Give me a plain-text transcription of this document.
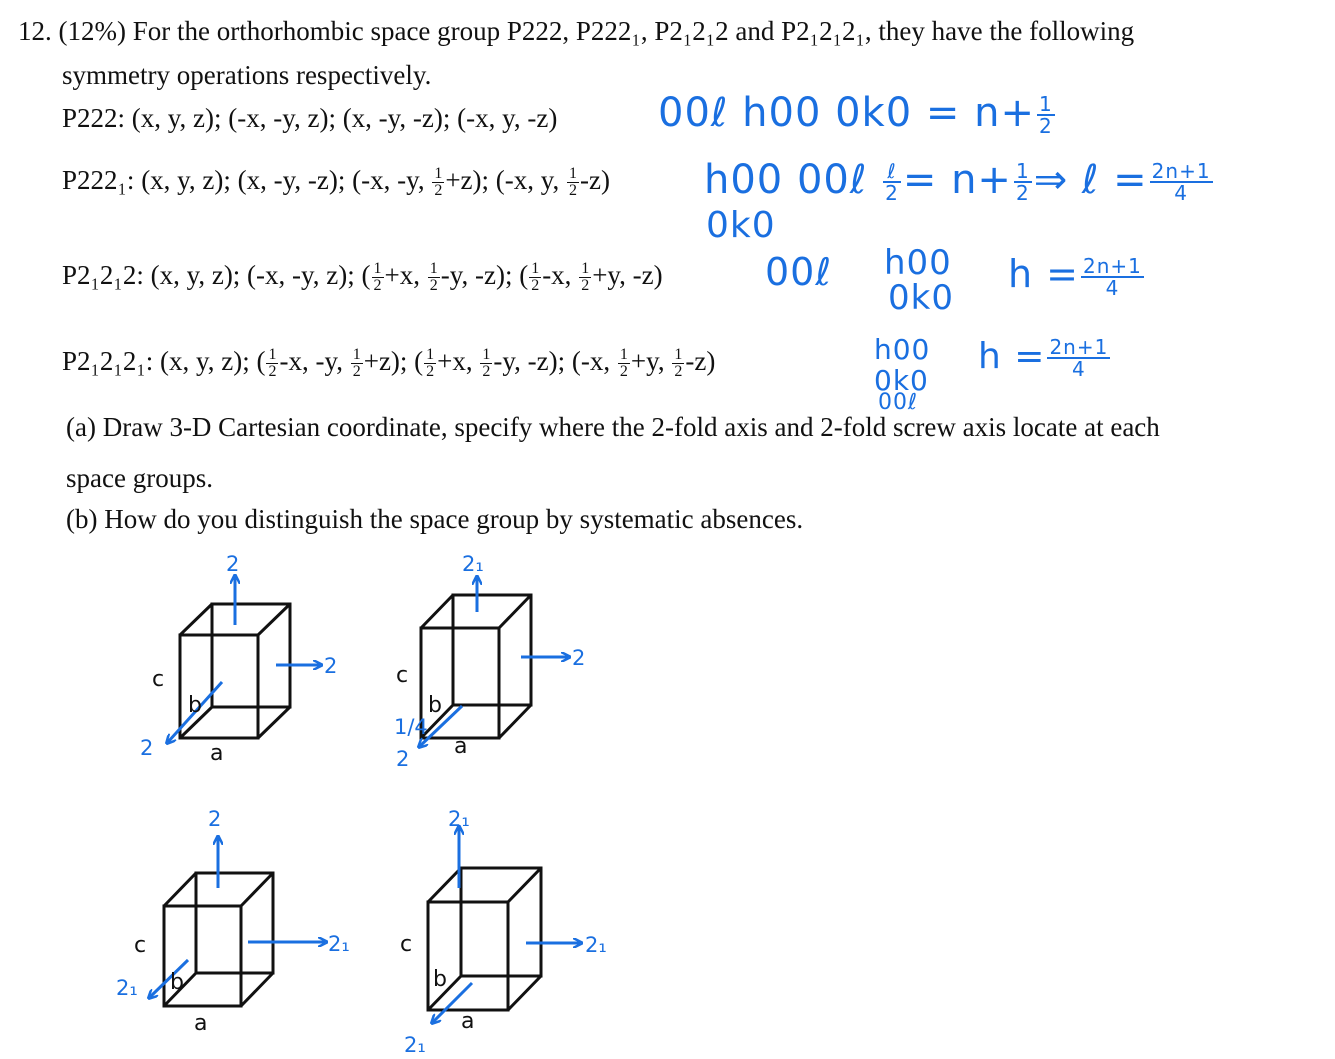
12. (12%) For the orthorhombic space group P222, P222₁, P2₁2₁2 and P2₁2₁2₁, they have the following
symmetry operations respectively.
P222: (x, y, z); (-x, -y, z); (x, -y, -z); (-x, y, -z)
P222₁: (x, y, z); (x, -y, -z); (-x, -y, $\frac{1}{2} +z$); (-x, y, $\frac{1}{2} -z$)
P2₁2₁2: (x, y, z); (-x, -y, z); ( $\frac{1}{2} +x$, $\frac{1}{2} -y$, -z); ( $\frac{1}{2} -x$, $\frac{1}{2} +y$, -z)
P2₁2₁2₁: (x, y, z); ( $\frac{1}{2} -x$, -y, $\frac{1}{2} +z$); ( $\frac{1}{2} +x$, $\frac{1}{2} -y$, -z); (-x, $\frac{1}{2} +y$, $\frac{1}{2} -z$)
(a) Draw 3-D Cartesian coordinate, specify where the 2-fold axis and 2-fold screw axis locate at each
space groups.
(b) How do you distinguish the space group by systematic absences.
00ℓ h00 $0k0 = n+ \frac{1}{2}$
h00 00ℓ $\frac{\text{ℓ}}{2} = n+ \frac{1}{2}$ ⇒ ℓ = $\frac{2n+1}{4}$
0k0
00ℓ h00
0k0
$h = \frac{2n+1}{4}$
h00
0k0
00ℓ
$h = \frac{2n+1}{4}$
2
2
2
c
b
a
2₁
2
2
1/4
c
b
a
2
2₁
2₁
c
b
a
2₁
2₁
2₁
c
b
a
